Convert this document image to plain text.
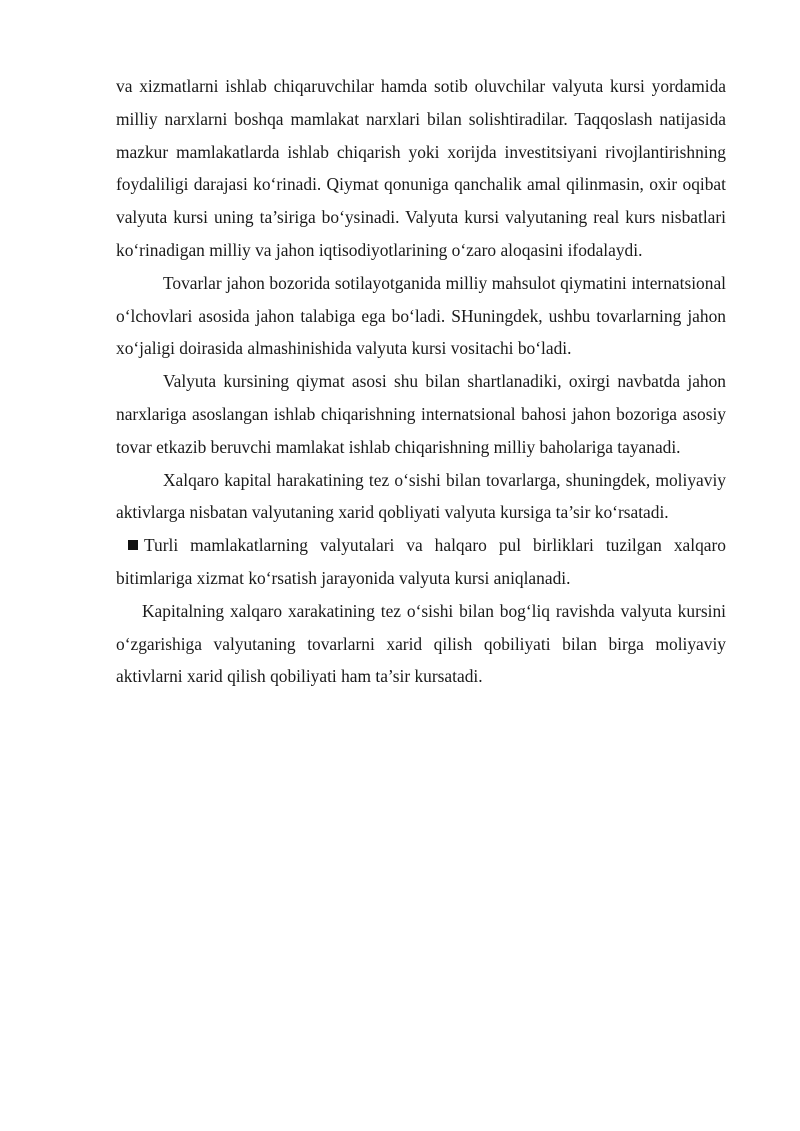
va xizmatlarni ishlab chiqaruvchilar hamda sotib oluvchilar valyuta kursi yordamida milliy narxlarni boshqa mamlakat narxlari bilan solishtiradilar. Taqqoslash natijasida mazkur mamlakatlarda ishlab chiqarish yoki xorijda investitsiyani rivojlantirishning foydaliligi darajasi ko‘rinadi. Qiymat qonuniga qanchalik amal qilinmasin, oxir oqibat valyuta kursi uning ta’siriga bo‘ysinadi. Valyuta kursi valyutaning real kurs nisbatlari ko‘rinadigan milliy va jahon iqtisodiyotlarining o‘zaro aloqasini ifodalaydi.

Tovarlar jahon bozorida sotilayotganida milliy mahsulot qiymatini internatsional o‘lchovlari asosida jahon talabiga ega bo‘ladi. SHuningdek, ushbu tovarlarning jahon xo‘jaligi doirasida almashinishida valyuta kursi vositachi bo‘ladi.

Valyuta kursining qiymat asosi shu bilan shartlanadiki, oxirgi navbatda jahon narxlariga asoslangan ishlab chiqarishning internatsional bahosi jahon bozoriga asosiy tovar etkazib beruvchi mamlakat ishlab chiqarishning milliy baholariga tayanadi.

Xalqaro kapital harakatining tez o‘sishi bilan tovarlarga, shuningdek, moliyaviy aktivlarga nisbatan valyutaning xarid qobliyati valyuta kursiga ta’sir ko‘rsatadi.

Turli mamlakatlarning valyutalari va halqaro pul birliklari tuzilgan xalqaro bitimlariga xizmat ko‘rsatish jarayonida valyuta kursi aniqlanadi.

Kapitalning xalqaro xarakatining tez o‘sishi bilan bog‘liq ravishda valyuta kursini o‘zgarishiga valyutaning tovarlarni xarid qilish qobiliyati bilan birga moliyaviy aktivlarni xarid qilish qobiliyati ham ta’sir kursatadi.
